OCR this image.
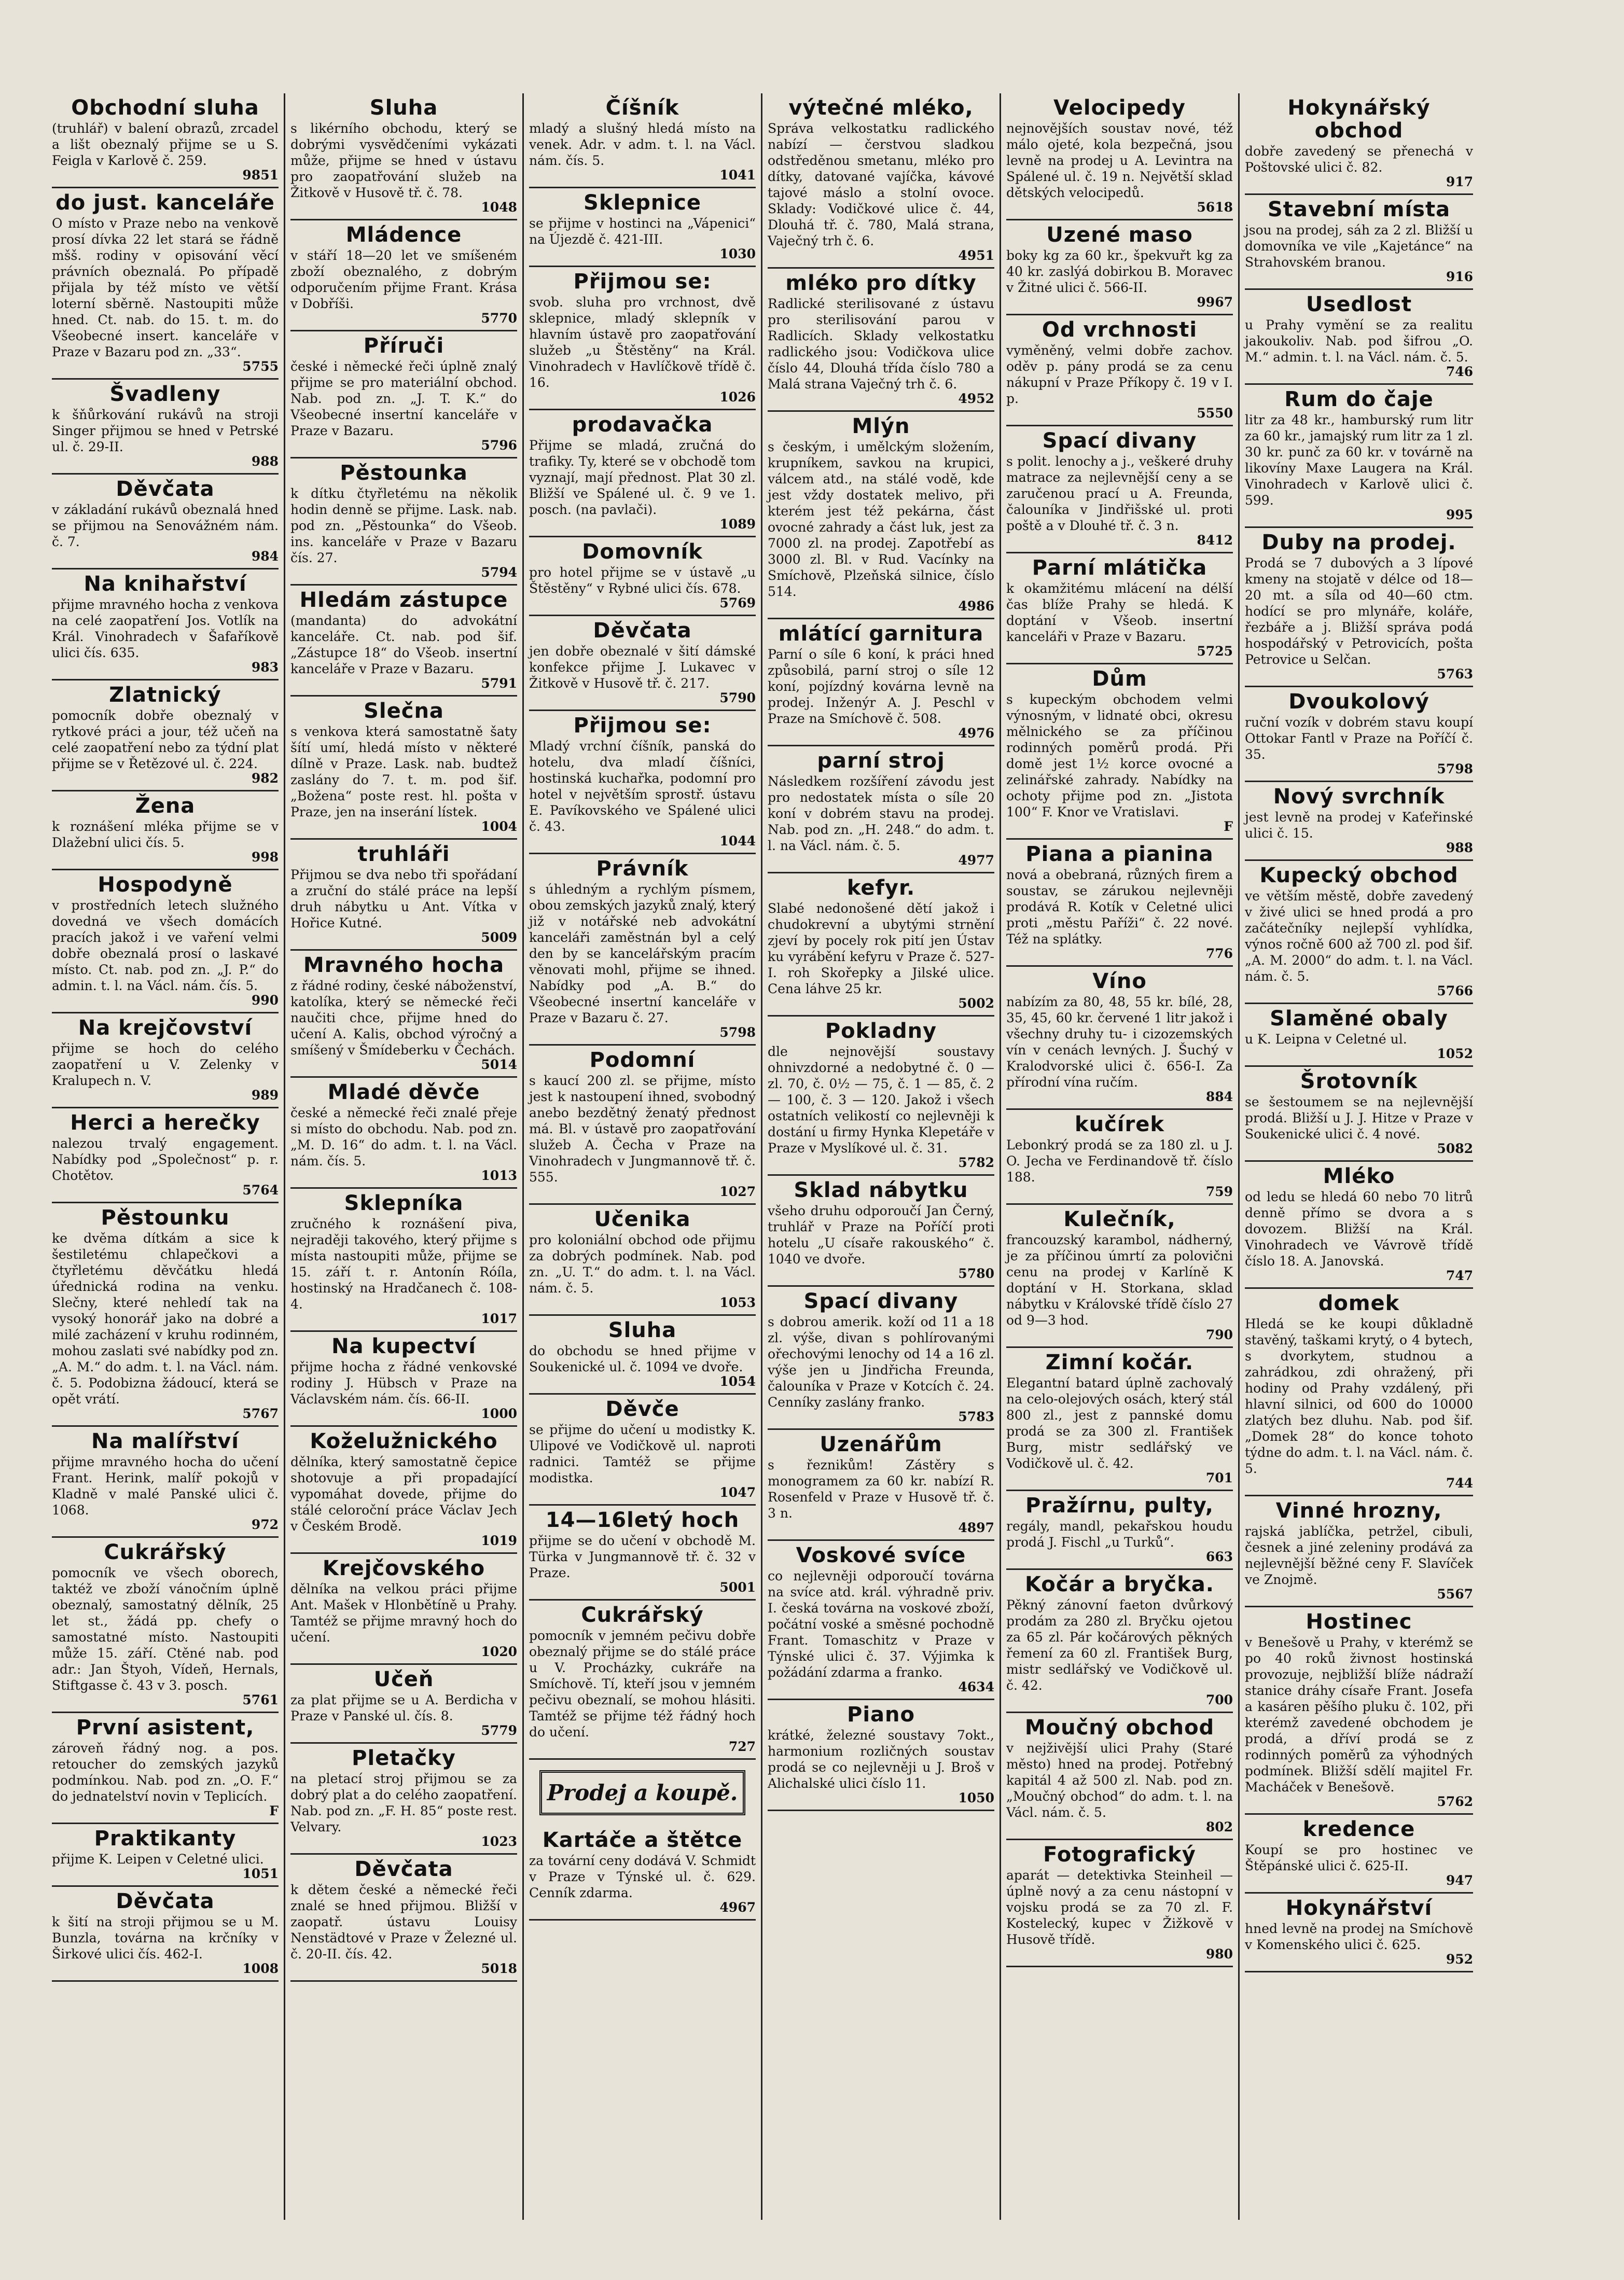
Obchodní sluha

(truhlář) v balení obrazů, zrcadel a lišt obeznalý přijme se u S. Feigla v Karlově č. 259.

9851
do just. kanceláře

O místo v Praze nebo na venkově prosí dívka 22 let stará se řádně mšš. rodiny v opisování věcí právních obeznalá. Po případě přijala by též místo ve větší loterní sběrně. Nastoupiti může hned. Ct. nab. do 15. t. m. do Všeobecné insert. kanceláře v Praze v Bazaru pod zn. „33“.

5755
Švadleny

k šňůrkování rukávů na stroji Singer přijmou se hned v Petrské ul. č. 29-II.

988
Děvčata

v základání rukávů obeznalá hned se přijmou na Senovážném nám. č. 7.

984
Na knihařství

přijme mravného hocha z venkova na celé zaopatření Jos. Votlík na Král. Vinohradech v Šafaříkově ulici čís. 635.

983
Zlatnický

pomocník dobře obeznalý v rytkové práci a jour, též učeň na celé zaopatření nebo za týdní plat přijme se v Řetězové ul. č. 224.

982
Žena

k roznášení mléka přijme se v Dlažební ulici čís. 5.

998
Hospodyně

v prostředních letech služného dovedná ve všech domácích pracích jakož i ve vaření velmi dobře obeznalá prosí o laskavé místo. Ct. nab. pod zn. „J. P.“ do admin. t. l. na Václ. nám. čís. 5.

990
Na krejčovství

přijme se hoch do celého zaopatření u V. Zelenky v Kralupech n. V.

989
Herci a herečky

nalezou trvalý engagement. Nabídky pod „Společnost“ p. r. Chotětov.

5764
Pěstounku

ke dvěma dítkám a sice k šestiletému chlapečkovi a čtyřletému děvčátku hledá úřednická rodina na venku. Slečny, které nehledí tak na vysoký honorář jako na dobré a milé zacházení v kruhu rodinném, mohou zaslati své nabídky pod zn. „A. M.“ do adm. t. l. na Václ. nám. č. 5. Podobizna žádoucí, která se opět vrátí.

5767
Na malířství

přijme mravného hocha do učení Frant. Herink, malíř pokojů v Kladně v malé Panské ulici č. 1068.

972
Cukrářský

pomocník ve všech oborech, taktéž ve zboží vánočním úplně obeznalý, samostatný dělník, 25 let st., žádá pp. chefy o samostatné místo. Nastoupiti může 15. září. Ctěné nab. pod adr.: Jan Štyoh, Vídeň, Hernals, Stiftgasse č. 43 v 3. posch.

5761
První asistent,

zároveň řádný nog. a pos. retoucher do zemských jazyků podmínkou. Nab. pod zn. „O. F.“ do jednatelství novin v Teplicích.

F
Praktikanty

přijme K. Leipen v Celetné ulici.

1051
Děvčata

k šití na stroji přijmou se u M. Bunzla, továrna na krčníky v Širkové ulici čís. 462-I.

1008
Sluha

s likérního obchodu, který se dobrými vysvědčeními vykázati může, přijme se hned v ústavu pro zaopatřování služeb na Žitkově v Husově tř. č. 78.

1048
Mládence

v stáří 18—20 let ve smíšeném zboží obeznalého, z dobrým odporučením přijme Frant. Krása v Dobříši.

5770
Příruči

české i německé řeči úplně znalý přijme se pro materiální obchod. Nab. pod zn. „J. T. K.“ do Všeobecné insertní kanceláře v Praze v Bazaru.

5796
Pěstounka

k dítku čtyřletému na několik hodin denně se přijme. Lask. nab. pod zn. „Pěstounka“ do Všeob. ins. kanceláře v Praze v Bazaru čís. 27.

5794
Hledám zástupce

(mandanta) do advokátní kanceláře. Ct. nab. pod šif. „Zástupce 18“ do Všeob. insertní kanceláře v Praze v Bazaru.

5791
Slečna

s venkova která samostatně šaty šítí umí, hledá místo v některé dílně v Praze. Lask. nab. budtež zaslány do 7. t. m. pod šif. „Božena“ poste rest. hl. pošta v Praze, jen na inserání lístek.

1004
truhláři

Přijmou se dva nebo tři spořádaní a zruční do stálé práce na lepší druh nábytku u Ant. Vítka v Hořice Kutné.

5009
Mravného hocha

z řádné rodiny, české náboženství, katolíka, který se německé řeči naučiti chce, přijme hned do učení A. Kalis, obchod výročný a smíšený v Šmídeberku v Čechách.

5014
Mladé děvče

české a německé řeči znalé přeje si místo do obchodu. Nab. pod zn. „M. D. 16“ do adm. t. l. na Václ. nám. čís. 5.

1013
Sklepníka

zručného k roznášení piva, nejraději takového, který přijme s místa nastoupiti může, přijme se 15. září t. r. Antonín Róíla, hostinský na Hradčanech č. 108-4.

1017
Na kupectví

přijme hocha z řádné venkovské rodiny J. Hübsch v Praze na Václavském nám. čís. 66-II.

1000
Koželužnického

dělníka, který samostatně čepice shotovuje a při propadající vypomáhat dovede, přijme do stálé celoroční práce Václav Jech v Českém Brodě.

1019
Krejčovského

dělníka na velkou práci přijme Ant. Mašek v Hlonbětíně u Prahy. Tamtéž se přijme mravný hoch do učení.

1020
Učeň

za plat přijme se u A. Berdicha v Praze v Panské ul. čís. 8.

5779
Pletačky

na pletací stroj přijmou se za dobrý plat a do celého zaopatření. Nab. pod zn. „F. H. 85“ poste rest. Velvary.

1023
Děvčata

k dětem české a německé řeči znalé se hned přijmou. Bližší v zaopatř. ústavu Louisy Nenstädtové v Praze v Železné ul. č. 20-II. čís. 42.

5018
Číšník

mladý a slušný hledá místo na venek. Adr. v adm. t. l. na Václ. nám. čís. 5.

1041
Sklepnice

se přijme v hostinci na „Vápenici“ na Újezdě č. 421-III.

1030
Přijmou se:

svob. sluha pro vrchnost, dvě sklepnice, mladý sklepník v hlavním ústavě pro zaopatřování služeb „u Štěstěny“ na Král. Vinohradech v Havlíčkově třídě č. 16.

1026
prodavačka

Přijme se mladá, zručná do trafiky. Ty, které se v obchodě tom vyznají, mají přednost. Plat 30 zl. Bližší ve Spálené ul. č. 9 ve 1. posch. (na pavlači).

1089
Domovník

pro hotel přijme se v ústavě „u Štěstěny“ v Rybné ulici čís. 678.

5769
Děvčata

jen dobře obeznalé v šití dámské konfekce přijme J. Lukavec v Žitkově v Husově tř. č. 217.

5790
Přijmou se:

Mladý vrchní číšník, panská do hotelu, dva mladí číšníci, hostinská kuchařka, podomní pro hotel v největším sprostř. ústavu E. Pavíkovského ve Spálené ulici č. 43.

1044
Právník

s úhledným a rychlým písmem, obou zemských jazyků znalý, který již v notářské neb advokátní kanceláři zaměstnán byl a celý den by se kancelářským pracím věnovati mohl, přijme se ihned. Nabídky pod „A. B.“ do Všeobecné insertní kanceláře v Praze v Bazaru č. 27.

5798
Podomní

s kaucí 200 zl. se přijme, místo jest k nastoupení ihned, svobodný anebo bezdětný ženatý přednost má. Bl. v ústavě pro zaopatřování služeb A. Čecha v Praze na Vinohradech v Jungmannově tř. č. 555.

1027
Učenika

pro koloniální obchod ode přijmu za dobrých podmínek. Nab. pod zn. „U. T.“ do adm. t. l. na Václ. nám. č. 5.

1053
Sluha

do obchodu se hned přijme v Soukenické ul. č. 1094 ve dvoře.

1054
Děvče

se přijme do učení u modistky K. Ulipové ve Vodičkově ul. naproti radnici. Tamtéž se přijme modistka.

1047
14—16letý hoch

přijme se do učení v obchodě M. Türka v Jungmannově tř. č. 32 v Praze.

5001
Cukrářský

pomocník v jemném pečivu dobře obeznalý přijme se do stálé práce u V. Procházky, cukráře na Smíchově. Tí, kteří jsou v jemném pečivu obeznalí, se mohou hlásiti. Tamtéž se přijme též řádný hoch do učení.

727
Prodej a koupě.
Kartáče a štětce

za tovární ceny dodává V. Schmidt v Praze v Týnské ul. č. 629. Cenník zdarma.

4967
výtečné mléko,

Správa velkostatku radlického nabízí — čerstvou sladkou odstředěnou smetanu, mléko pro dítky, datované vajíčka, kávové tajové máslo a stolní ovoce. Sklady: Vodičkové ulice č. 44, Dlouhá tř. č. 780, Malá strana, Vaječný trh č. 6.

4951
mléko pro dítky

Radlické sterilisované z ústavu pro sterilisování parou v Radlicích. Sklady velkostatku radlického jsou: Vodičkova ulice číslo 44, Dlouhá třída číslo 780 a Malá strana Vaječný trh č. 6.

4952
Mlýn

s českým, i umělckým složením, krupníkem, savkou na krupici, válcem atd., na stálé vodě, kde jest vždy dostatek melivo, při kterém jest též pekárna, část ovocné zahrady a část luk, jest za 7000 zl. na prodej. Zapotřebí as 3000 zl. Bl. v Rud. Vacínky na Smíchově, Plzeňská silnice, číslo 514.

4986
mlátící garnitura

Parní o síle 6 koní, k práci hned způsobilá, parní stroj o síle 12 koní, pojízdný kovárna levně na prodej. Inženýr A. J. Peschl v Praze na Smíchově č. 508.

4976
parní stroj

Následkem rozšíření závodu jest pro nedostatek místa o síle 20 koní v dobrém stavu na prodej. Nab. pod zn. „H. 248.“ do adm. t. l. na Václ. nám. č. 5.

4977
kefyr.

Slabé nedonošené dětí jakož i chudokrevní a ubytými strnění zjeví by pocely rok pití jen Ústav ku vyrábění kefyru v Praze č. 527-I. roh Skořepky a Jilské ulice. Cena láhve 25 kr.

5002
Pokladny

dle nejnovější soustavy ohnivzdorné a nedobytné č. 0 — zl. 70, č. 0½ — 75, č. 1 — 85, č. 2 — 100, č. 3 — 120. Jakož i všech ostatních velikostí co nejlevněji k dostání u firmy Hynka Klepetáře v Praze v Myslíkové ul. č. 31.

5782
Sklad nábytku

všeho druhu odporoučí Jan Černý, truhlář v Praze na Poříčí proti hotelu „U císaře rakouského“ č. 1040 ve dvoře.

5780
Spací divany

s dobrou amerik. koží od 11 a 18 zl. výše, divan s pohlírovanými ořechovými lenochy od 14 a 16 zl. výše jen u Jindřicha Freunda, čalouníka v Praze v Kotcích č. 24. Cenníky zaslány franko.

5783
Uzenářům

s řeznikům! Zástěry s monogramem za 60 kr. nabízí R. Rosenfeld v Praze v Husově tř. č. 3 n.

4897
Voskové svíce

co nejlevněji odporoučí továrna na svíce atd. král. výhradně priv. I. česká továrna na voskové zboží, počátní voské a směsné pochodně Frant. Tomaschitz v Praze v Týnské ulici č. 37. Výjimka k požádání zdarma a franko.

4634
Piano

krátké, železné soustavy 7okt., harmonium rozličných soustav prodá se co nejlevněji u J. Broš v Alichalské ulici číslo 11.

1050
Velocipedy

nejnovějších soustav nové, též málo ojeté, kola bezpečná, jsou levně na prodej u A. Levintra na Spálené ul. č. 19 n. Největší sklad dětských velocipedů.

5618
Uzené maso

boky kg za 60 kr., špekvuřt kg za 40 kr. zaslýá dobirkou B. Moravec v Žitné ulici č. 566-II.

9967
Od vrchnosti

vyměněný, velmi dobře zachov. oděv p. pány prodá se za cenu nákupní v Praze Příkopy č. 19 v I. p.

5550
Spací divany

s polit. lenochy a j., veškeré druhy matrace za nejlevnější ceny a se zaručenou prací u A. Freunda, čalouníka v Jindřišské ul. proti poště a v Dlouhé tř. č. 3 n.

8412
Parní mlátička

k okamžitému mlácení na délší čas blíže Prahy se hledá. K doptání v Všeob. insertní kanceláři v Praze v Bazaru.

5725
Dům

s kupeckým obchodem velmi výnosným, v lidnaté obci, okresu mělnického se za příčinou rodinných poměrů prodá. Při domě jest 1½ korce ovocné a zelinářské zahrady. Nabídky na ochoty přijme pod zn. „Jistota 100“ F. Knor ve Vratislavi.

F
Piana a pianina

nová a obebraná, různých firem a soustav, se zárukou nejlevněji prodává R. Kotík v Celetné ulici proti „městu Paříži“ č. 22 nové. Též na splátky.

776
Víno

nabízím za 80, 48, 55 kr. bílé, 28, 35, 45, 60 kr. červené 1 litr jakož i všechny druhy tu- i cizozemských vín v cenách levných. J. Šuchý v Kralodvorské ulici č. 656-I. Za přírodní vína ručím.

884
kučírek

Lebonkrý prodá se za 180 zl. u J. O. Jecha ve Ferdinandově tř. číslo 188.

759
Kulečník,

francouzský karambol, nádherný, je za příčinou úmrtí za polovični cenu na prodej v Karlíně K doptání v H. Storkana, sklad nábytku v Královské třídě číslo 27 od 9—3 hod.

790
Zimní kočár.

Elegantní batard úplně zachovalý na celo-olejových osách, který stál 800 zl., jest z pannské domu prodá se za 300 zl. František Burg, mistr sedlářský ve Vodičkově ul. č. 42.

701
Pražírnu, pulty,

regály, mandl, pekařskou houdu prodá J. Fischl „u Turků“.

663
Kočár a bryčka.

Pěkný zánovní faeton dvůrkový prodám za 280 zl. Bryčku ojetou za 65 zl. Pár kočárových pěkných řemení za 60 zl. František Burg, mistr sedlářský ve Vodičkově ul. č. 42.

700
Moučný obchod

v nejživější ulici Prahy (Staré město) hned na prodej. Potřebný kapitál 4 až 500 zl. Nab. pod zn. „Moučný obchod“ do adm. t. l. na Václ. nám. č. 5.

802
Fotografický

aparát — detektivka Steinheil — úplně nový a za cenu nástopní v vojsku prodá se za 70 zl. F. Kostelecký, kupec v Žižkově v Husově třídě.

980
Hokynářský obchod

dobře zavedený se přenechá v Poštovské ulici č. 82.

917
Stavební místa

jsou na prodej, sáh za 2 zl. Bližší u domovníka ve vile „Kajetánce“ na Strahovském branou.

916
Usedlost

u Prahy vymění se za realitu jakoukoliv. Nab. pod šifrou „O. M.“ admin. t. l. na Václ. nám. č. 5.

746
Rum do čaje

litr za 48 kr., hamburský rum litr za 60 kr., jamajský rum litr za 1 zl. 30 kr. punč za 60 kr. v továrně na likovíny Maxe Laugera na Král. Vinohradech v Karlově ulici č. 599.

995
Duby na prodej.

Prodá se 7 dubových a 3 lípové kmeny na stojatě v délce od 18—20 mt. a síla od 40—60 ctm. hodící se pro mlynáře, koláře, řezbáře a j. Bližší správa podá hospodářský v Petrovicích, pošta Petrovice u Selčan.

5763
Dvoukolový

ruční vozík v dobrém stavu koupí Ottokar Fantl v Praze na Poříčí č. 35.

5798
Nový svrchník

jest levně na prodej v Kaťeřinské ulici č. 15.

988
Kupecký obchod

ve větším městě, dobře zavedený v živé ulici se hned prodá a pro začátečníky nejlepší vyhlídka, výnos ročně 600 až 700 zl. pod šif. „A. M. 2000“ do adm. t. l. na Václ. nám. č. 5.

5766
Slaměné obaly

u K. Leipna v Celetné ul.

1052
Šrotovník

se šestoumem se na nejlevnější prodá. Bližší u J. J. Hitze v Praze v Soukenické ulici č. 4 nové.

5082
Mléko

od ledu se hledá 60 nebo 70 litrů denně přímo se dvora a s dovozem. Bližší na Král. Vinohradech ve Vávrově třídě číslo 18. A. Janovská.

747
domek

Hledá se ke koupi důkladně stavěný, taškami krytý, o 4 bytech, s dvorkytem, studnou a zahrádkou, zdi ohražený, při hodiny od Prahy vzdálený, při hlavní silnici, od 600 do 10000 zlatých bez dluhu. Nab. pod šif. „Domek 28“ do konce tohoto týdne do adm. t. l. na Václ. nám. č. 5.

744
Vinné hrozny,

rajská jablíčka, petržel, cibuli, česnek a jiné zeleniny prodává za nejlevnější běžné ceny F. Slavíček ve Znojmě.

5567
Hostinec

v Benešově u Prahy, v kterémž se po 40 roků živnost hostinská provozuje, nejbližší blíže nádraží stanice dráhy císaře Frant. Josefa a kasáren pěšího pluku č. 102, při kterémž zavedené obchodem je prodá, a dříví prodá se z rodinných poměrů za výhodných podmínek. Bližší sdělí majitel Fr. Macháček v Benešově.

5762
kredence

Koupí se pro hostinec ve Štěpánské ulici č. 625-II.

947
Hokynářství

hned levně na prodej na Smíchově v Komenského ulici č. 625.

952
